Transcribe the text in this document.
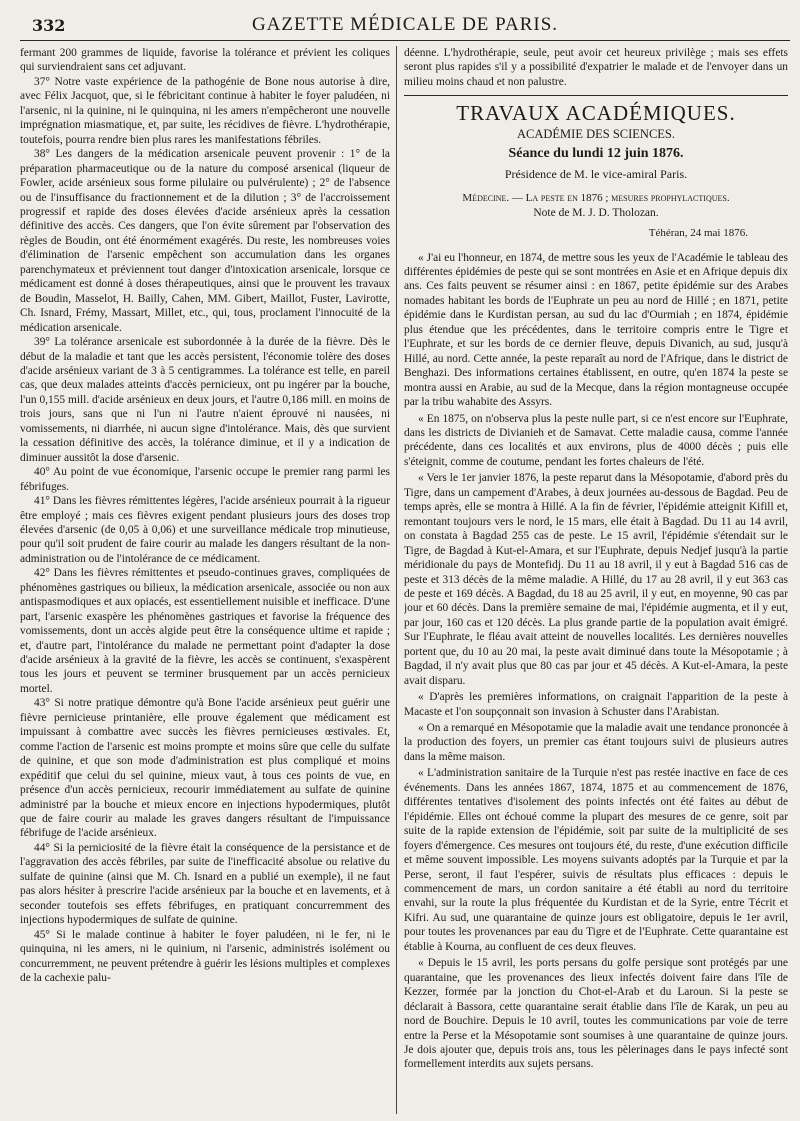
332	GAZETTE MÉDICALE DE PARIS.

fermant 200 grammes de liquide, favorise la tolérance et prévient les coliques qui surviendraient sans cet adjuvant.

37° Notre vaste expérience de la pathogénie de Bone nous autorise à dire, avec Félix Jacquot, que, si le fébricitant continue à habiter le foyer paludéen, ni l'arsenic, ni la quinine, ni le quinquina, ni les amers n'empêcheront une nouvelle imprégnation miasmatique, et, par suite, les récidives de fièvre. L'hydrothérapie, toutefois, pourra rendre bien plus rares les manifestations fébriles.

38° Les dangers de la médication arsenicale peuvent provenir : 1° de la préparation pharmaceutique ou de la nature du composé arsenical (liqueur de Fowler, acide arsénieux sous forme pilulaire ou pulvérulente) ; 2° de l'absence ou de l'insuffisance du fractionnement et de la dilution ; 3° de l'accroissement progressif et rapide des doses élevées d'acide arsénieux après la cessation définitive des accès. Ces dangers, que l'on évite sûrement par l'observation des règles de Boudin, ont été énormément exagérés. Du reste, les nombreuses voies d'élimination de l'arsenic empêchent son accumulation dans les organes parenchymateux et préviennent tout danger d'intoxication arsenicale, lorsque ce médicament est donné à doses thérapeutiques, ainsi que le prouvent les travaux de Boudin, Masselot, H. Bailly, Cahen, MM. Gibert, Maillot, Fuster, Lavirotte, Ch. Isnard, Frémy, Massart, Millet, etc., qui, tous, proclament l'innocuité de la médication arsenicale.

39° La tolérance arsenicale est subordonnée à la durée de la fièvre. Dès le début de la maladie et tant que les accès persistent, l'économie tolère des doses d'acide arsénieux variant de 3 à 5 centigrammes. La tolérance est telle, en pareil cas, que deux malades atteints d'accès pernicieux, ont pu ingérer par la bouche, l'un 0,155 mill. d'acide arsénieux en deux jours, et l'autre 0,186 mill. en moins de trois jours, sans que ni l'un ni l'autre n'aient éprouvé ni nausées, ni vomissements, ni diarrhée, ni aucun signe d'intolérance. Mais, dès que survient la cessation définitive des accès, la tolérance diminue, et il y a indication de diminuer aussitôt la dose d'arsenic.

40° Au point de vue économique, l'arsenic occupe le premier rang parmi les fébrifuges.

41° Dans les fièvres rémittentes légères, l'acide arsénieux pourrait à la rigueur être employé ; mais ces fièvres exigent pendant plusieurs jours des doses trop élevées d'arsenic (de 0,05 à 0,06) et une surveillance médicale trop minutieuse, pour qu'il soit prudent de faire courir au malade les dangers résultant de la non-administration ou de l'intolérance de ce médicament.

42° Dans les fièvres rémittentes et pseudo-continues graves, compliquées de phénomènes gastriques ou bilieux, la médication arsenicale, associée ou non aux antispasmodiques et aux opiacés, est essentiellement nuisible et inefficace. D'une part, l'arsenic exaspère les phénomènes gastriques et favorise la fréquence des vomissements, dont un accès algide peut être la conséquence ultime et rapide ; et, d'autre part, l'intolérance du malade ne permettant point d'adapter la dose d'acide arsénieux à la gravité de la fièvre, les accès se continuent, s'exaspèrent tous les jours et peuvent se terminer brusquement par un accès pernicieux mortel.

43° Si notre pratique démontre qu'à Bone l'acide arsénieux peut guérir une fièvre pernicieuse printanière, elle prouve également que médicament est impuissant à combattre avec succès les fièvres pernicieuses œstivales. Et, comme l'action de l'arsenic est moins prompte et moins sûre que celle du sulfate de quinine, et que son mode d'administration est plus compliqué et moins expéditif que celui du sel quinine, mieux vaut, à tous ces points de vue, en présence d'un accès pernicieux, recourir immédiatement au sulfate de quinine administré par la bouche et mieux encore en injections hypodermiques, plutôt que de faire courir au malade les graves dangers résultant de l'impuissance fébrifuge de l'acide arsénieux.

44° Si la perniciosité de la fièvre était la conséquence de la persistance et de l'aggravation des accès fébriles, par suite de l'inefficacité absolue ou relative du sulfate de quinine (ainsi que M. Ch. Isnard en a publié un exemple), il ne faut pas alors hésiter à prescrire l'acide arsénieux par la bouche et en lavements, et à seconder toutefois ses effets fébrifuges, en pratiquant concurremment des injections hypodermiques de sulfate de quinine.

45° Si le malade continue à habiter le foyer paludéen, ni le fer, ni le quinquina, ni les amers, ni le quinium, ni l'arsenic, administrés isolément ou concurremment, ne peuvent prétendre à guérir les lésions multiples et complexes de la cachexie palu-

déenne. L'hydrothérapie, seule, peut avoir cet heureux privilège ; mais ses effets seront plus rapides s'il y a possibilité d'expatrier le malade et de l'envoyer dans un milieu moins chaud et non palustre.

TRAVAUX ACADÉMIQUES.
ACADÉMIE DES SCIENCES.
Séance du lundi 12 juin 1876.
Présidence de M. le vice-amiral Paris.
Médecine. — La peste en 1876 ; mesures prophylactiques.
Note de M. J. D. Tholozan.
Téhéran, 24 mai 1876.

« J'ai eu l'honneur, en 1874, de mettre sous les yeux de l'Académie le tableau des différentes épidémies de peste qui se sont montrées en Asie et en Afrique depuis dix ans. Ces faits peuvent se résumer ainsi : en 1867, petite épidémie sur des Arabes nomades habitant les bords de l'Euphrate un peu au nord de Hillé ; en 1871, petite épidémie dans le Kurdistan persan, au sud du lac d'Ourmiah ; en 1874, épidémie plus étendue que les précédentes, dans le territoire compris entre le Tigre et l'Euphrate, et sur les bords de ce dernier fleuve, depuis Divanich, au sud, jusqu'à Hillé, au nord. Cette année, la peste reparaît au nord de l'Afrique, dans le district de Benghazi. Des informations certaines établissent, en outre, qu'en 1874 la peste se montra aussi en Arabie, au sud de la Mecque, dans la région montagneuse occupée par la tribu wahabite des Assyrs.

« En 1875, on n'observa plus la peste nulle part, si ce n'est encore sur l'Euphrate, dans les districts de Divianieh et de Samavat. Cette maladie causa, comme l'année précédente, dans ces localités et aux environs, plus de 4000 décès ; puis elle s'éteignit, comme de coutume, pendant les fortes chaleurs de l'été.

« Vers le 1er janvier 1876, la peste reparut dans la Mésopotamie, d'abord près du Tigre, dans un campement d'Arabes, à deux journées au-dessous de Bagdad. Peu de temps après, elle se montra à Hillé. A la fin de février, l'épidémie atteignit Kifill et, remontant toujours vers le nord, le 15 mars, elle était à Bagdad. Du 11 au 14 avril, on constata à Bagdad 255 cas de peste. Le 15 avril, l'épidémie s'étendait sur le Tigre, de Bagdad à Kut-el-Amara, et sur l'Euphrate, depuis Nedjef jusqu'à la partie méridionale du pays de Montefidj. Du 11 au 18 avril, il y eut à Bagdad 516 cas de peste et 313 décès de la même maladie. A Hillé, du 17 au 28 avril, il y eut 363 cas de peste et 169 décès. A Bagdad, du 18 au 25 avril, il y eut, en moyenne, 90 cas par jour et 60 décès. Dans la première semaine de mai, l'épidémie augmenta, et il y eut, par jour, 160 cas et 120 décès. La plus grande partie de la population avait émigré. Sur l'Euphrate, le fléau avait atteint de nouvelles localités. Les dernières nouvelles portent que, du 10 au 20 mai, la peste avait diminué dans toute la Mésopotamie ; à Bagdad, il n'y avait plus que 80 cas par jour et 45 décès. A Kut-el-Amara, la peste avait disparu.

« D'après les premières informations, on craignait l'apparition de la peste à Macaste et l'on soupçonnait son invasion à Schuster dans l'Arabistan.

« On a remarqué en Mésopotamie que la maladie avait une tendance prononcée à la production des foyers, un premier cas étant toujours suivi de plusieurs autres dans la même maison.

« L'administration sanitaire de la Turquie n'est pas restée inactive en face de ces événements. Dans les années 1867, 1874, 1875 et au commencement de 1876, différentes tentatives d'isolement des points infectés ont été faites au début de l'épidémie. Elles ont échoué comme la plupart des mesures de ce genre, soit par suite de la rapide extension de l'épidémie, soit par suite de la multiplicité de ses foyers d'émergence. Ces mesures ont toujours été, du reste, d'une exécution difficile et même souvent impossible. Les moyens suivants adoptés par la Turquie et par la Perse, seront, il faut l'espérer, suivis de résultats plus efficaces : depuis le commencement de mars, un cordon sanitaire a été établi au nord du territoire envahi, sur la route la plus fréquentée du Kurdistan et de la Syrie, entre Técrit et Kifri. Au sud, une quarantaine de quinze jours est obligatoire, depuis le 1er avril, pour toutes les provenances par eau du Tigre et de l'Euphrate. Cette quarantaine est établie à Kourna, au confluent de ces deux fleuves.

« Depuis le 15 avril, les ports persans du golfe persique sont protégés par une quarantaine, que les provenances des lieux infectés doivent faire dans l'île de Kezzer, formée par la jonction du Chot-el-Arab et du Laroun. Si la peste se déclarait à Bassora, cette quarantaine serait établie dans l'île de Karak, un peu au nord de Bouchire. Depuis le 10 avril, toutes les communications par voie de terre entre la Perse et la Mésopotamie sont soumises à une quarantaine de quinze jours. Je dois ajouter que, depuis trois ans, tous les pèlerinages dans le pays infecté sont formellement interdits aux sujets persans.
